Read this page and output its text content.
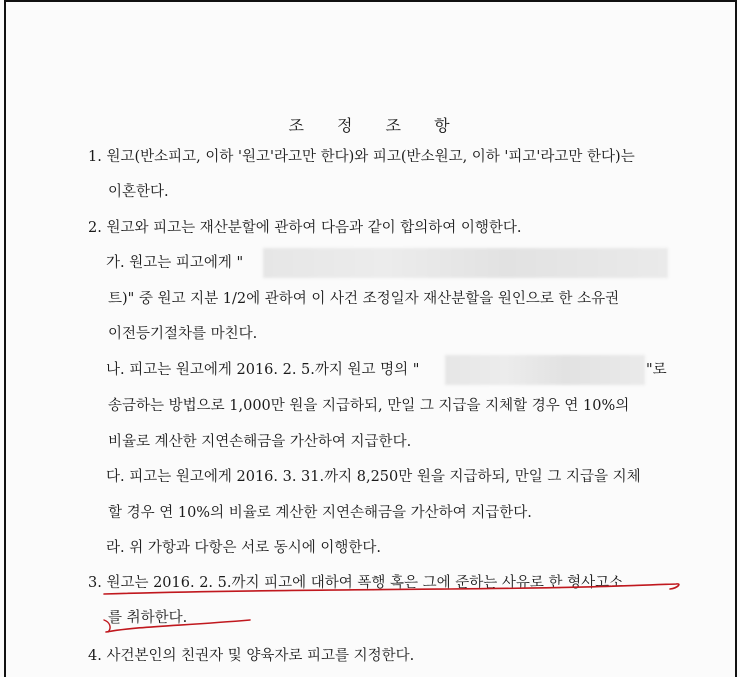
조 정 조 항
1. 원고(반소피고, 이하 '원고'라고만 한다)와 피고(반소원고, 이하 '피고'라고만 한다)는
이혼한다.
2. 원고와 피고는 재산분할에 관하여 다음과 같이 합의하여 이행한다.
가. 원고는 피고에게 "
트)" 중 원고 지분 1/2에 관하여 이 사건 조정일자 재산분할을 원인으로 한 소유권
이전등기절차를 마친다.
나. 피고는 원고에게 2016. 2. 5.까지 원고 명의 "	"로
송금하는 방법으로 1,000만 원을 지급하되, 만일 그 지급을 지체할 경우 연 10%의
비율로 계산한 지연손해금을 가산하여 지급한다.
다. 피고는 원고에게 2016. 3. 31.까지 8,250만 원을 지급하되, 만일 그 지급을 지체
할 경우 연 10%의 비율로 계산한 지연손해금을 가산하여 지급한다.
라. 위 가항과 다항은 서로 동시에 이행한다.
3. 원고는 2016. 2. 5.까지 피고에 대하여 폭행 혹은 그에 준하는 사유로 한 형사고소
를 취하한다.
4. 사건본인의 친권자 및 양육자로 피고를 지정한다.
